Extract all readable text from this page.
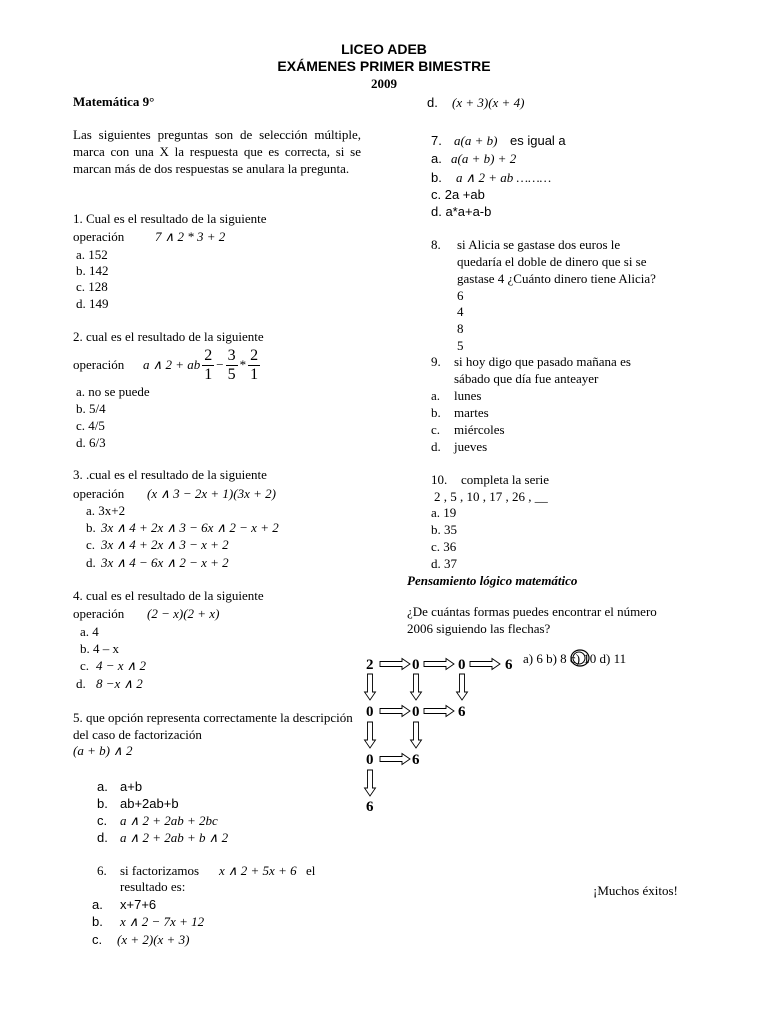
LICEO ADEB
EXÁMENES PRIMER BIMESTRE
2009
Matemática 9°
Las siguientes preguntas son de selección múltiple, marca con una X la respuesta que es correcta, si se marcan más de dos respuestas se anulara la pregunta.
1. Cual es el resultado de la siguiente
operación 7 ∧ 2 * 3 + 2
a. 152
b. 142
c. 128
d. 149
2. cual es el resultado de la siguiente
operación a ∧ 2 + ab $\frac{2}{1} - \frac{3}{5} * \frac{2}{1}$
a. no se puede
b. 5/4
c. 4/5
d. 6/3
3. .cual es el resultado de la siguiente
operación (x ∧ 3 − 2x + 1)(3x + 2)
a. 3x+2
b. 3x ∧ 4 + 2x ∧ 3 − 6x ∧ 2 − x + 2
c. 3x ∧ 4 + 2x ∧ 3 − x + 2
d. 3x ∧ 4 − 6x ∧ 2 − x + 2
4. cual es el resultado de la siguiente
operación (2 − x)(2 + x)
a. 4
b. 4 – x
c. 4 − x ∧ 2
d. 8 −x ∧ 2
5. que opción representa correctamente la descripción del caso de factorización
(a + b) ∧ 2
a. a+b
b. ab+2ab+b
c. a ∧ 2 + 2ab + 2bc
d. a ∧ 2 + 2ab + b ∧ 2
6. si factorizamos x ∧ 2 + 5x + 6 el
resultado es:
a. x+7+6
b. x ∧ 2 − 7x + 12
c. (x + 2)(x + 3)
d. (x + 3)(x + 4)
7. a(a + b) es igual a
a. a(a + b) + 2
b. a ∧ 2 + ab ………
c. 2a +ab
d. a*a+a-b
8. si Alicia se gastase dos euros le
quedaría el doble de dinero que si se
gastase 4 ¿Cuánto dinero tiene Alicia?
6
4
8
5
9. si hoy digo que pasado mañana es
sábado que día fue anteayer
a. lunes
b. martes
c. miércoles
d. jueves
10. completa la serie
2 , 5 , 10 , 17 , 26 , __
a. 19
b. 35
c. 36
d. 37
Pensamiento lógico matemático
¿De cuántas formas puedes encontrar el número
2006 siguiendo las flechas?
a) 6 b) 8 c) 10 d) 11
2	0	0	6
0	0	6
0	6
6
¡Muchos éxitos!
